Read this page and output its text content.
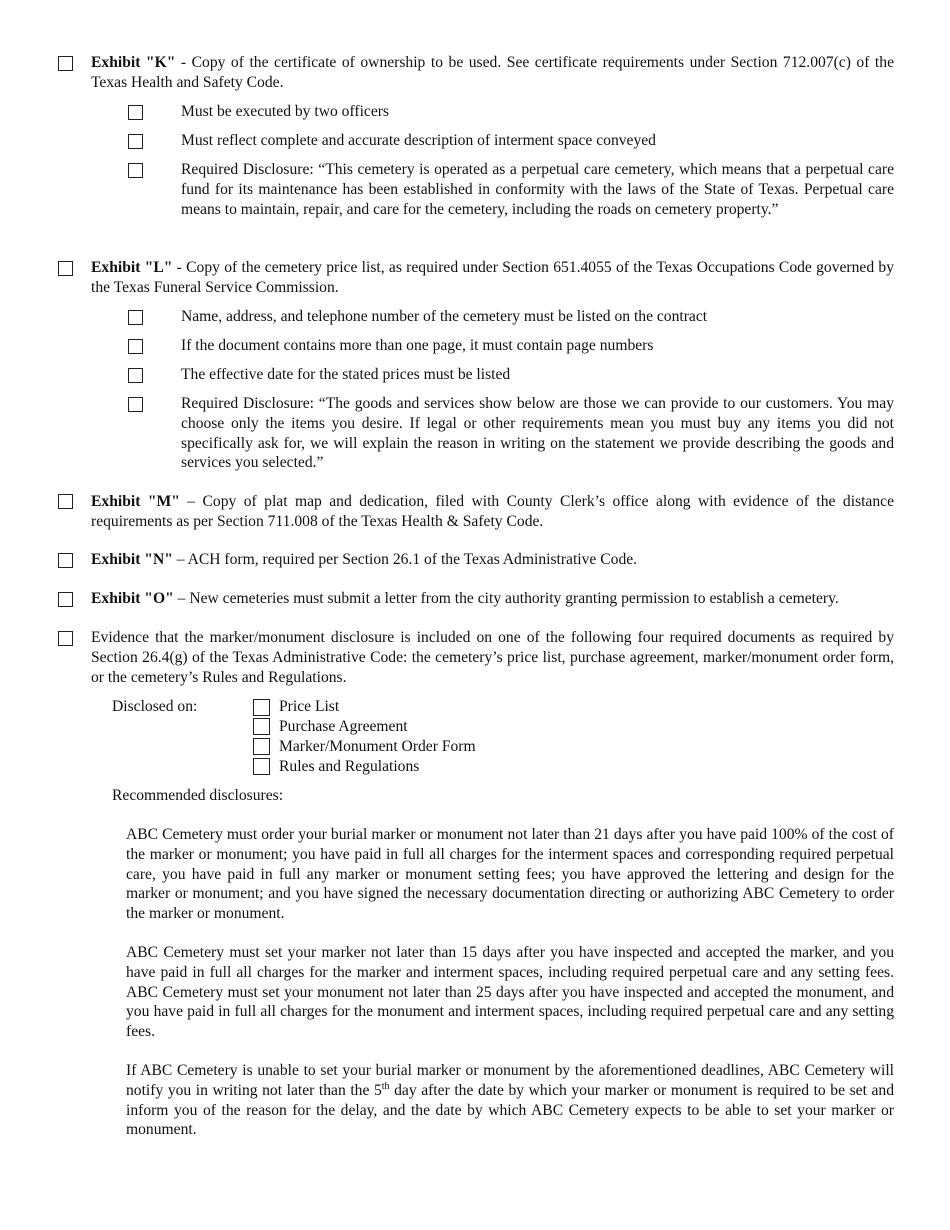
Exhibit "K" - Copy of the certificate of ownership to be used. See certificate requirements under Section 712.007(c) of the Texas Health and Safety Code.
Must be executed by two officers
Must reflect complete and accurate description of interment space conveyed
Required Disclosure: “This cemetery is operated as a perpetual care cemetery, which means that a perpetual care fund for its maintenance has been established in conformity with the laws of the State of Texas. Perpetual care means to maintain, repair, and care for the cemetery, including the roads on cemetery property.”
Exhibit "L" - Copy of the cemetery price list, as required under Section 651.4055 of the Texas Occupations Code governed by the Texas Funeral Service Commission.
Name, address, and telephone number of the cemetery must be listed on the contract
If the document contains more than one page, it must contain page numbers
The effective date for the stated prices must be listed
Required Disclosure: “The goods and services show below are those we can provide to our customers. You may choose only the items you desire. If legal or other requirements mean you must buy any items you did not specifically ask for, we will explain the reason in writing on the statement we provide describing the goods and services you selected.”
Exhibit "M" – Copy of plat map and dedication, filed with County Clerk’s office along with evidence of the distance requirements as per Section 711.008 of the Texas Health & Safety Code.
Exhibit "N" – ACH form, required per Section 26.1 of the Texas Administrative Code.
Exhibit "O" – New cemeteries must submit a letter from the city authority granting permission to establish a cemetery.
Evidence that the marker/monument disclosure is included on one of the following four required documents as required by Section 26.4(g) of the Texas Administrative Code: the cemetery’s price list, purchase agreement, marker/monument order form, or the cemetery’s Rules and Regulations.
Disclosed on:	Price List
Purchase Agreement
Marker/Monument Order Form
Rules and Regulations
Recommended disclosures:
ABC Cemetery must order your burial marker or monument not later than 21 days after you have paid 100% of the cost of the marker or monument; you have paid in full all charges for the interment spaces and corresponding required perpetual care, you have paid in full any marker or monument setting fees; you have approved the lettering and design for the marker or monument; and you have signed the necessary documentation directing or authorizing ABC Cemetery to order the marker or monument.
ABC Cemetery must set your marker not later than 15 days after you have inspected and accepted the marker, and you have paid in full all charges for the marker and interment spaces, including required perpetual care and any setting fees. ABC Cemetery must set your monument not later than 25 days after you have inspected and accepted the monument, and you have paid in full all charges for the monument and interment spaces, including required perpetual care and any setting fees.
If ABC Cemetery is unable to set your burial marker or monument by the aforementioned deadlines, ABC Cemetery will notify you in writing not later than the 5th day after the date by which your marker or monument is required to be set and inform you of the reason for the delay, and the date by which ABC Cemetery expects to be able to set your marker or monument.
